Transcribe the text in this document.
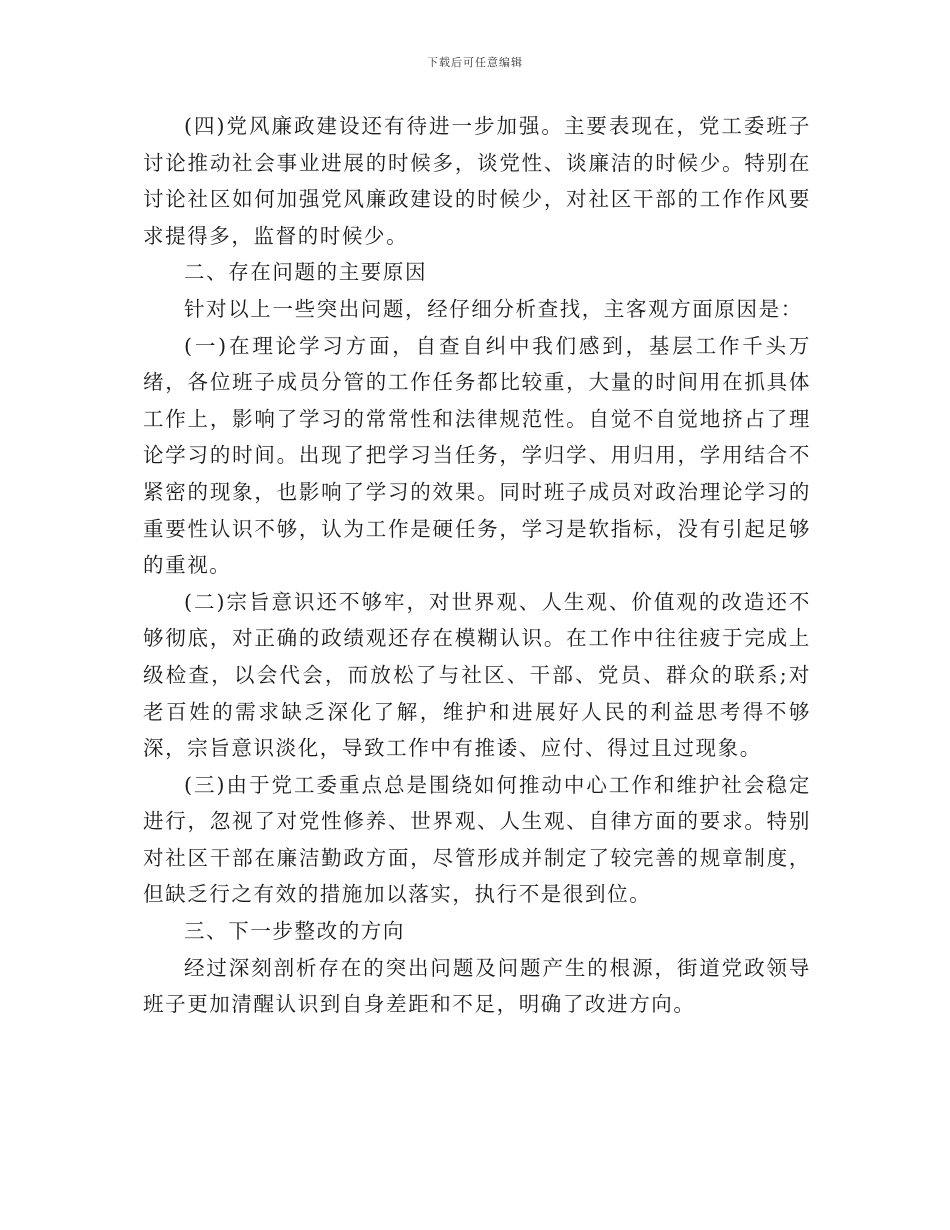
下载后可任意编辑

(四)党风廉政建设还有待进一步加强。主要表现在，党工委班子讨论推动社会事业进展的时候多，谈党性、谈廉洁的时候少。特别在讨论社区如何加强党风廉政建设的时候少，对社区干部的工作作风要求提得多，监督的时候少。

二、存在问题的主要原因

针对以上一些突出问题，经仔细分析查找，主客观方面原因是：

(一)在理论学习方面，自查自纠中我们感到，基层工作千头万绪，各位班子成员分管的工作任务都比较重，大量的时间用在抓具体工作上，影响了学习的常常性和法律规范性。自觉不自觉地挤占了理论学习的时间。出现了把学习当任务，学归学、用归用，学用结合不紧密的现象，也影响了学习的效果。同时班子成员对政治理论学习的重要性认识不够，认为工作是硬任务，学习是软指标，没有引起足够的重视。

(二)宗旨意识还不够牢，对世界观、人生观、价值观的改造还不够彻底，对正确的政绩观还存在模糊认识。在工作中往往疲于完成上级检查，以会代会，而放松了与社区、干部、党员、群众的联系;对老百姓的需求缺乏深化了解，维护和进展好人民的利益思考得不够深，宗旨意识淡化，导致工作中有推诿、应付、得过且过现象。

(三)由于党工委重点总是围绕如何推动中心工作和维护社会稳定进行，忽视了对党性修养、世界观、人生观、自律方面的要求。特别对社区干部在廉洁勤政方面，尽管形成并制定了较完善的规章制度，但缺乏行之有效的措施加以落实，执行不是很到位。

三、下一步整改的方向

经过深刻剖析存在的突出问题及问题产生的根源，街道党政领导班子更加清醒认识到自身差距和不足，明确了改进方向。
